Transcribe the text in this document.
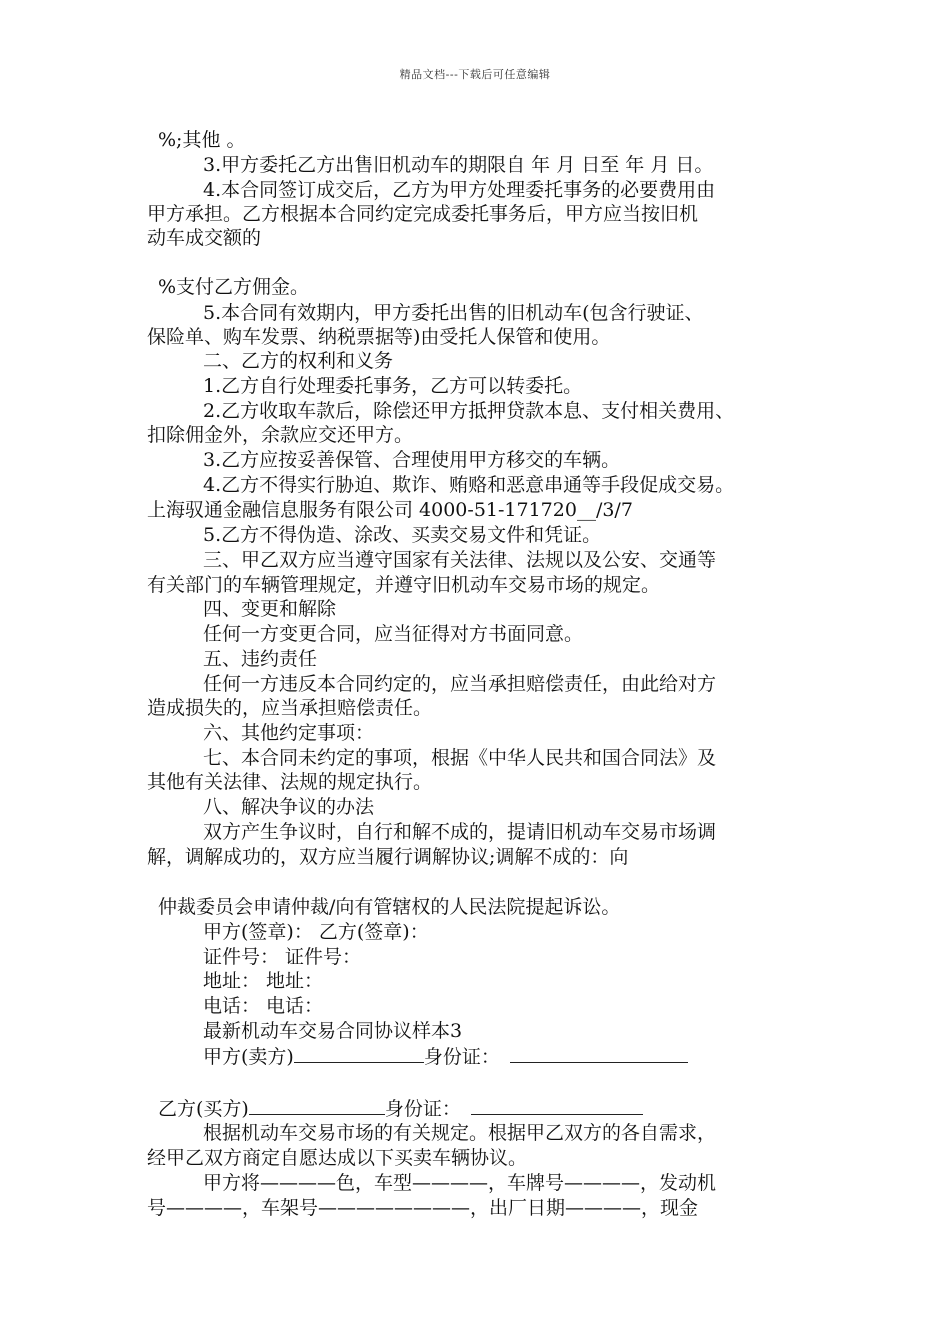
精品文档---下载后可任意编辑
%;其他 。
3.甲方委托乙方出售旧机动车的期限自 年 月 日至 年 月 日。
4.本合同签订成交后，乙方为甲方处理委托事务的必要费用由
甲方承担。乙方根据本合同约定完成委托事务后，甲方应当按旧机
动车成交额的
%支付乙方佣金。
5.本合同有效期内，甲方委托出售的旧机动车(包含行驶证、
保险单、购车发票、纳税票据等)由受托人保管和使用。
二、乙方的权利和义务
1.乙方自行处理委托事务，乙方可以转委托。
2.乙方收取车款后，除偿还甲方抵押贷款本息、支付相关费用、
扣除佣金外，余款应交还甲方。
3.乙方应按妥善保管、合理使用甲方移交的车辆。
4.乙方不得实行胁迫、欺诈、贿赂和恶意串通等手段促成交易。
上海驭通金融信息服务有限公司 4000-51-171720__/3/7
5.乙方不得伪造、涂改、买卖交易文件和凭证。
三、甲乙双方应当遵守国家有关法律、法规以及公安、交通等
有关部门的车辆管理规定，并遵守旧机动车交易市场的规定。
四、变更和解除
任何一方变更合同，应当征得对方书面同意。
五、违约责任
任何一方违反本合同约定的，应当承担赔偿责任，由此给对方
造成损失的，应当承担赔偿责任。
六、其他约定事项：
七、本合同未约定的事项，根据《中华人民共和国合同法》及
其他有关法律、法规的规定执行。
八、解决争议的办法
双方产生争议时，自行和解不成的，提请旧机动车交易市场调
解，调解成功的，双方应当履行调解协议;调解不成的：向
仲裁委员会申请仲裁/向有管辖权的人民法院提起诉讼。
甲方(签章)： 乙方(签章)：
证件号： 证件号：
地址： 地址：
电话： 电话：
最新机动车交易合同协议样本3
甲方(卖方)	身份证：
乙方(买方)	身份证：
根据机动车交易市场的有关规定。根据甲乙双方的各自需求，
经甲乙双方商定自愿达成以下买卖车辆协议。
甲方将————色，车型————，车牌号————，发动机
号————，车架号————————，出厂日期————，现金
